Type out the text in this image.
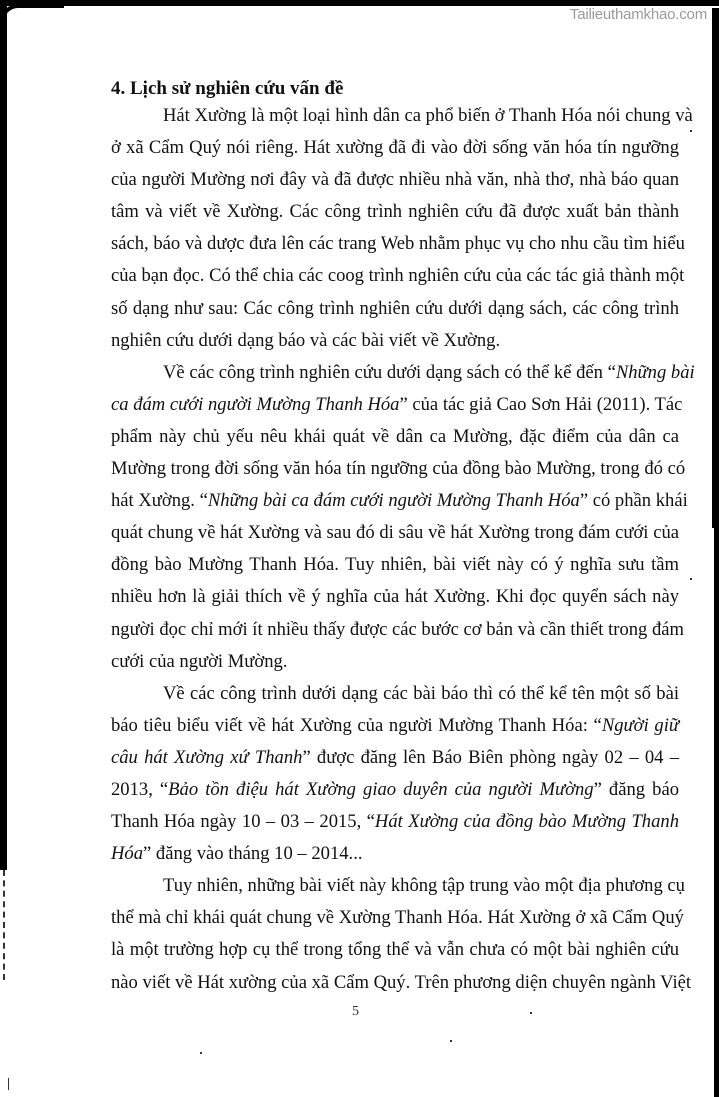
Tailieuthamkhao.com
4. Lịch sử nghiên cứu vấn đề
Hát Xường là một loại hình dân ca phổ biến ở Thanh Hóa nói chung và
ở xã Cẩm Quý nói riêng. Hát xường đã đi vào đời sống văn hóa tín ngưỡng
của người Mường nơi đây và đã được nhiều nhà văn, nhà thơ, nhà báo quan
tâm và viết về Xường. Các công trình nghiên cứu đã được xuất bản thành
sách, báo và dược đưa lên các trang Web nhằm phục vụ cho nhu cầu tìm hiểu
của bạn đọc. Có thể chia các coog trình nghiên cứu của các tác giả thành một
số dạng như sau: Các công trình nghiên cứu dưới dạng sách, các công trình
nghiên cứu dưới dạng báo và các bài viết về Xường.
Về các công trình nghiên cứu dưới dạng sách có thể kể đến “Những bài
ca đám cưới người Mường Thanh Hóa” của tác giả Cao Sơn Hải (2011). Tác
phẩm này chủ yếu nêu khái quát về dân ca Mường, đặc điểm của dân ca
Mường trong đời sống văn hóa tín ngưỡng của đồng bào Mường, trong đó có
hát Xường. “Những bài ca đám cưới người Mường Thanh Hóa” có phần khái
quát chung về hát Xường và sau đó di sâu về hát Xường trong đám cưới của
đồng bào Mường Thanh Hóa. Tuy nhiên, bài viết này có ý nghĩa sưu tầm
nhiều hơn là giải thích về ý nghĩa của hát Xường. Khi đọc quyển sách này
người đọc chỉ mới ít nhiều thấy được các bước cơ bản và cần thiết trong đám
cưới của người Mường.
Về các công trình dưới dạng các bài báo thì có thể kể tên một số bài
báo tiêu biểu viết về hát Xường của người Mường Thanh Hóa: “Người giữ
câu hát Xường xứ Thanh” được đăng lên Báo Biên phòng ngày 02 – 04 –
2013, “Bảo tồn điệu hát Xường giao duyên của người Mường” đăng báo
Thanh Hóa ngày 10 – 03 – 2015, “Hát Xường của đồng bào Mường Thanh
Hóa” đăng vào tháng 10 – 2014...
Tuy nhiên, những bài viết này không tập trung vào một địa phương cụ
thể mà chỉ khái quát chung về Xường Thanh Hóa. Hát Xường ở xã Cẩm Quý
là một trường hợp cụ thể trong tổng thể và vẫn chưa có một bài nghiên cứu
nào viết về Hát xường của xã Cẩm Quý. Trên phương diện chuyên ngành Việt
5
